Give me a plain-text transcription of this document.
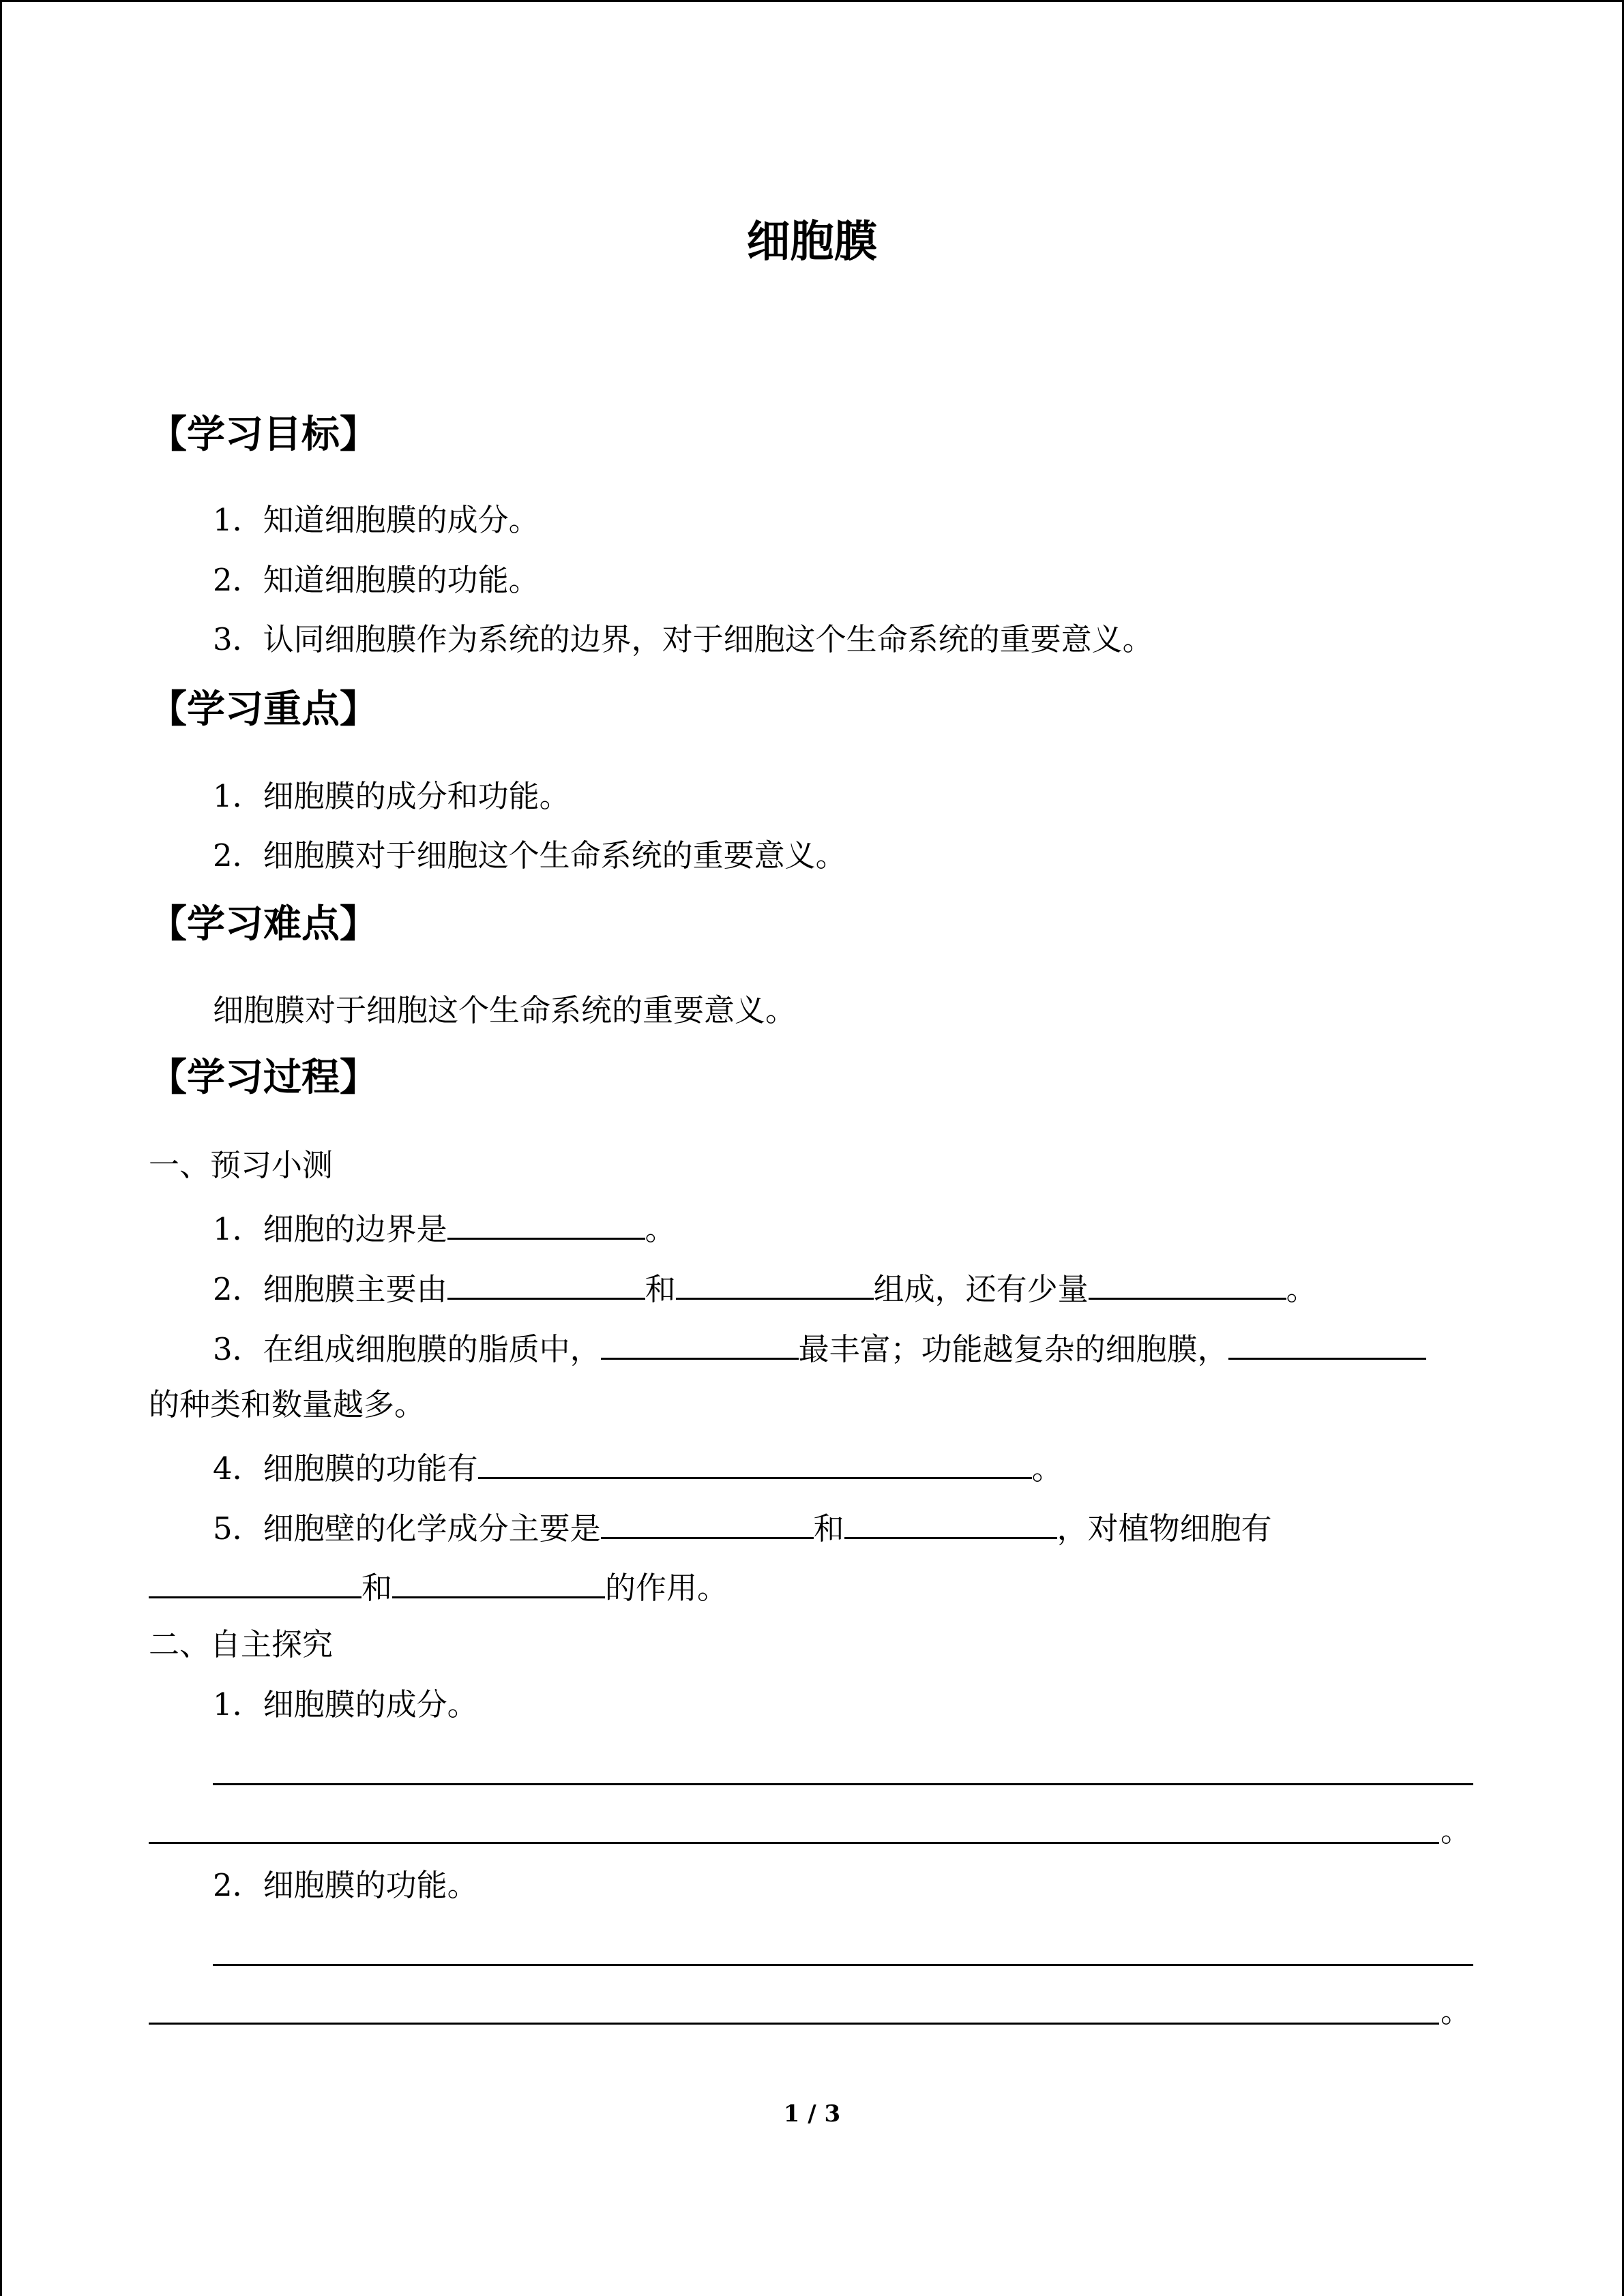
细胞膜
【学习目标】
1．知道细胞膜的成分。
2．知道细胞膜的功能。
3．认同细胞膜作为系统的边界，对于细胞这个生命系统的重要意义。
【学习重点】
1．细胞膜的成分和功能。
2．细胞膜对于细胞这个生命系统的重要意义。
【学习难点】
细胞膜对于细胞这个生命系统的重要意义。
【学习过程】
一、预习小测
1．细胞的边界是	。
2．细胞膜主要由	和	组成，还有少量	。
3．在组成细胞膜的脂质中，	最丰富；功能越复杂的细胞膜，
的种类和数量越多。
4．细胞膜的功能有	。
5．细胞壁的化学成分主要是	和	，对植物细胞有
和	的作用。
二、自主探究
1．细胞膜的成分。
。
2．细胞膜的功能。
。
1 / 3
